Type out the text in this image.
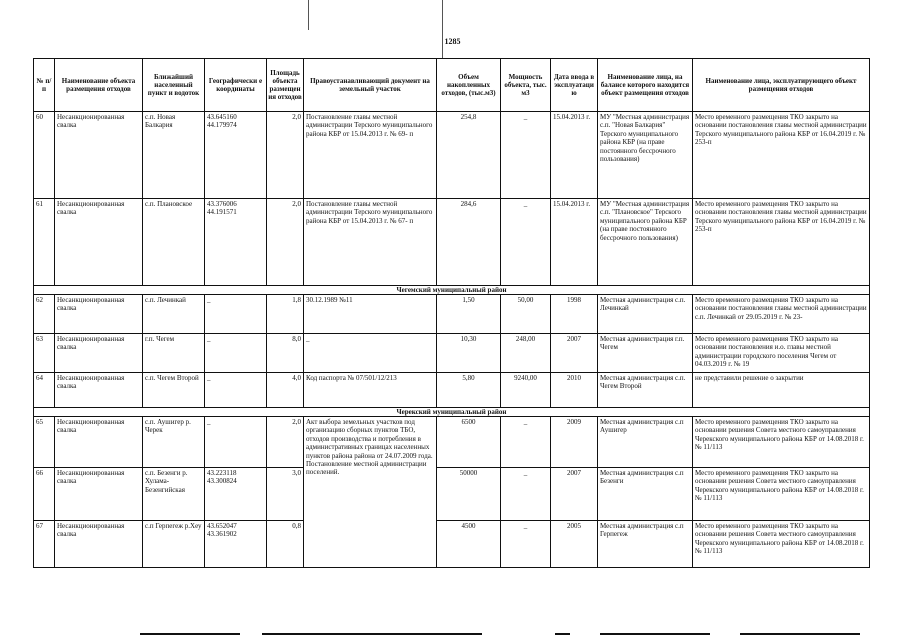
1285
№ п/п	Наименование объекта размещения отходов	Ближайший населенный пункт и водоток	Географически е координаты	Площадь объекта размещения отходов	Правоустанавливающий документ на земельный участок	Объем накопленных отходов, (тыс.м3)	Мощность объекта, тыс. м3	Дата ввода в эксплуатацию	Наименование лица, на балансе которого находится объект размещения отходов	Наименование лица, эксплуатирующего объект размещения отходов
60	Несанкционированная свалка	с.п. Новая Балкария	43.645160 44.179974	2,0	Постановление главы местной администрации Терского муниципального района КБР от 15.04.2013 г. № 69- п	254,8	_	15.04.2013 г.	МУ "Местная администрация с.п. "Новая Балкария" Терского муниципального района КБР (на праве постоянного бессрочного пользования)	Место временного размещения ТКО закрыто на основании постановления главы местной администрации Терского муниципального района КБР от 16.04.2019 г. № 253-п
61	Несанкционированная свалка	с.п. Плановское	43.376006 44.191571	2,0	Постановление главы местной администрации Терского муниципального района КБР от 15.04.2013 г. № 67- п	284,6	_	15.04.2013 г.	МУ "Местная администрация с.п. "Плановское" Терского муниципального района КБР (на праве постоянного бессрочного пользования)	Место временного размещения ТКО закрыто на основании постановления главы местной администрации Терского муниципального района КБР от 16.04.2019 г. № 253-п
Чегемский муниципальный район										
62	Несанкционированная свалка	с.п. Лечинкай	_	1,8	30.12.1989 №11	1,50	50,00	1998	Местная администрация с.п. Лечинкай	Место временного размещения ТКО закрыто на основании постановления главы местной администрации с.п. Лечинкай от 29.05.2019 г. № 23-
63	Несанкционированная свалка	г.п. Чегем	_	8,0	_	10,30	248,00	2007	Местная администрация г.п. Чегем	Место временного размещения ТКО закрыто на основании постановления и.о. главы местной администрации городского поселения Чегем от 04.03.2019 г. № 19
64	Несанкционированная свалка	с.п. Чегем Второй	_	4,0	Код паспорта № 07/501/12/213	5,80	9240,00	2010	Местная администрация с.п. Чегем Второй	не представили решение о закрытии
Черекский муниципальный район										
65	Несанкционированная свалка	с.п. Аушигер р. Черек	_	2,0	Акт выбора земельных участков под организацию сборных пунктов ТБО, отходов производства и потребления в административных границах населенных пунктов района района от 24.07.2009 года. Постановление местной администрации поселений.	6500	_	2009	Местная администрация с.п Аушигер	Место временного размещения ТКО закрыто на основании решения Совета местного самоуправления Черекского муниципального района КБР от 14.08.2018 г. № 11/113
66	Несанкционированная свалка	с.п. Безенги р. Хулама-Безенгийская	43.223118 43.300824	3,0		50000	_	2007	Местная администрация с.п Безенги	Место временного размещения ТКО закрыто на основании решения Совета местного самоуправления Черекского муниципального района КБР от 14.08.2018 г. № 11/113
67	Несанкционированная свалка	с.п Герпегеж р.Хеу	43.652047 43.361902	0,8		4500	_	2005	Местная администрация с.п Герпегеж	Место временного размещения ТКО закрыто на основании решения Совета местного самоуправления Черекского муниципального района КБР от 14.08.2018 г. № 11/113
